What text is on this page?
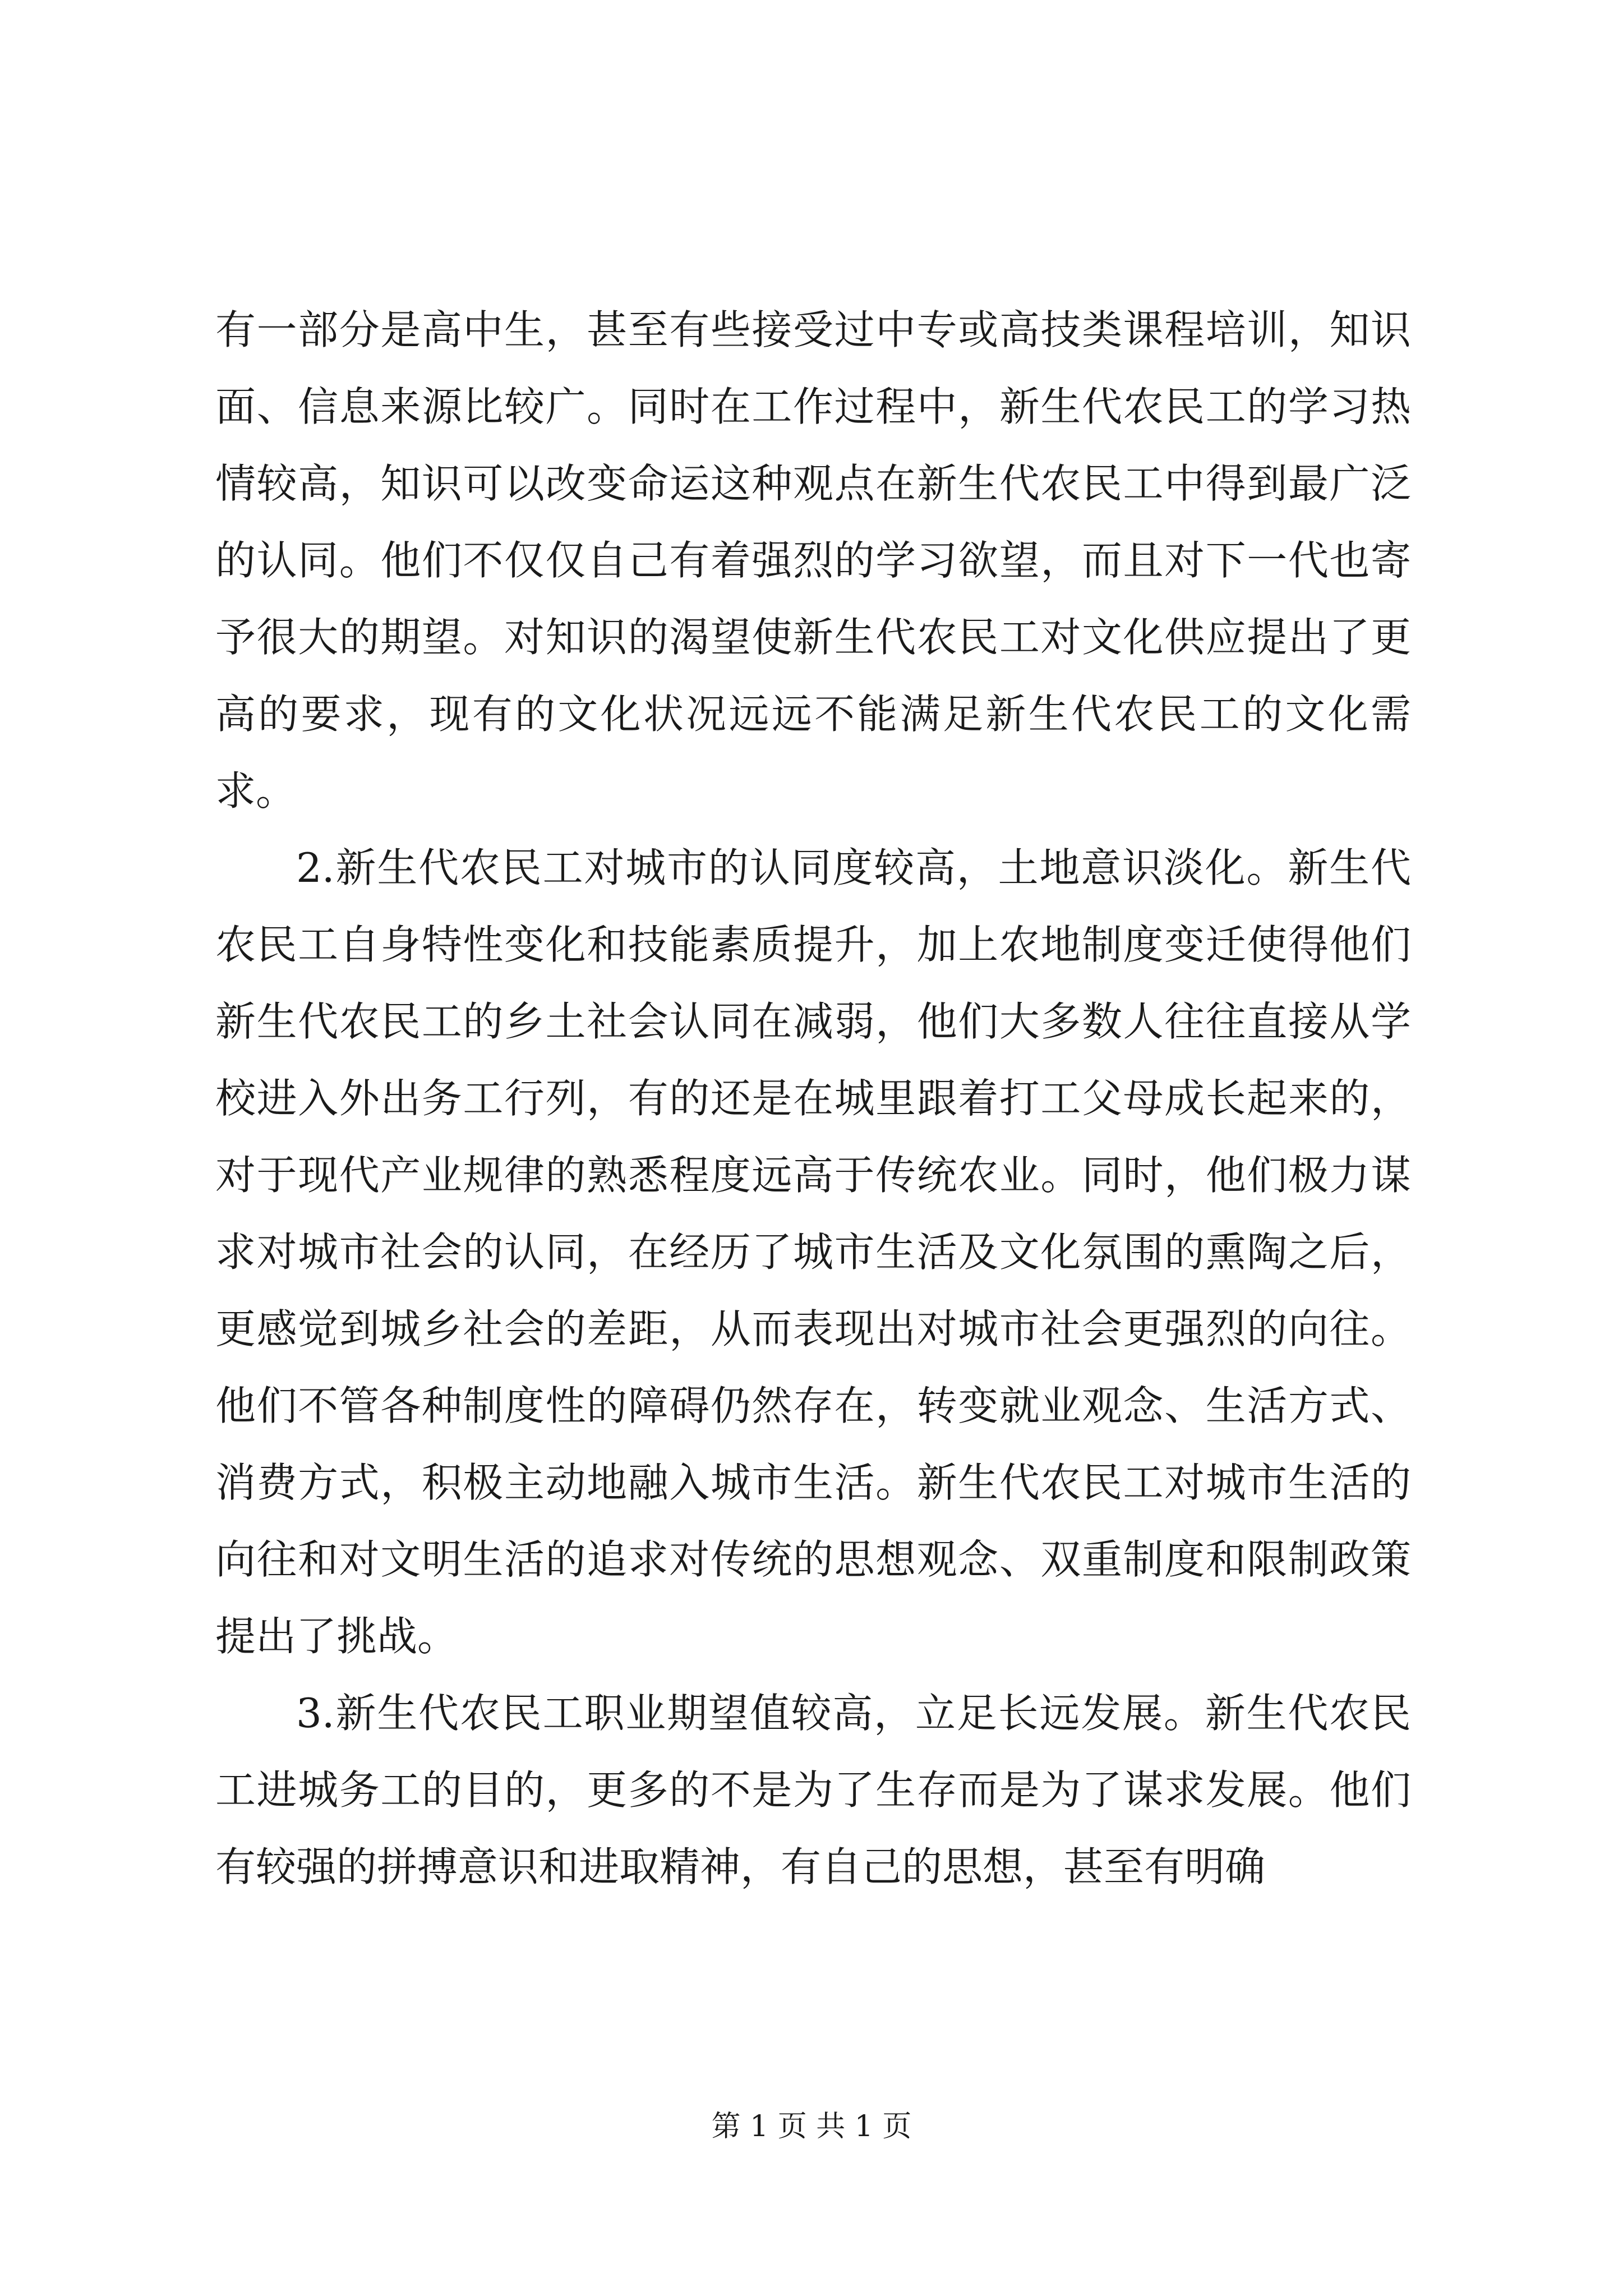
有一部分是高中生，甚至有些接受过中专或高技类课程培训，知识面、信息来源比较广。同时在工作过程中，新生代农民工的学习热情较高，知识可以改变命运这种观点在新生代农民工中得到最广泛的认同。他们不仅仅自己有着强烈的学习欲望，而且对下一代也寄予很大的期望。对知识的渴望使新生代农民工对文化供应提出了更高的要求，现有的文化状况远远不能满足新生代农民工的文化需求。

2.新生代农民工对城市的认同度较高，土地意识淡化。新生代农民工自身特性变化和技能素质提升，加上农地制度变迁使得他们新生代农民工的乡土社会认同在减弱，他们大多数人往往直接从学校进入外出务工行列，有的还是在城里跟着打工父母成长起来的，对于现代产业规律的熟悉程度远高于传统农业。同时，他们极力谋求对城市社会的认同，在经历了城市生活及文化氛围的熏陶之后，更感觉到城乡社会的差距，从而表现出对城市社会更强烈的向往。他们不管各种制度性的障碍仍然存在，转变就业观念、生活方式、消费方式，积极主动地融入城市生活。新生代农民工对城市生活的向往和对文明生活的追求对传统的思想观念、双重制度和限制政策提出了挑战。

3.新生代农民工职业期望值较高，立足长远发展。新生代农民工进城务工的目的，更多的不是为了生存而是为了谋求发展。他们有较强的拼搏意识和进取精神，有自己的思想，甚至有明确

第 1 页 共 1 页
